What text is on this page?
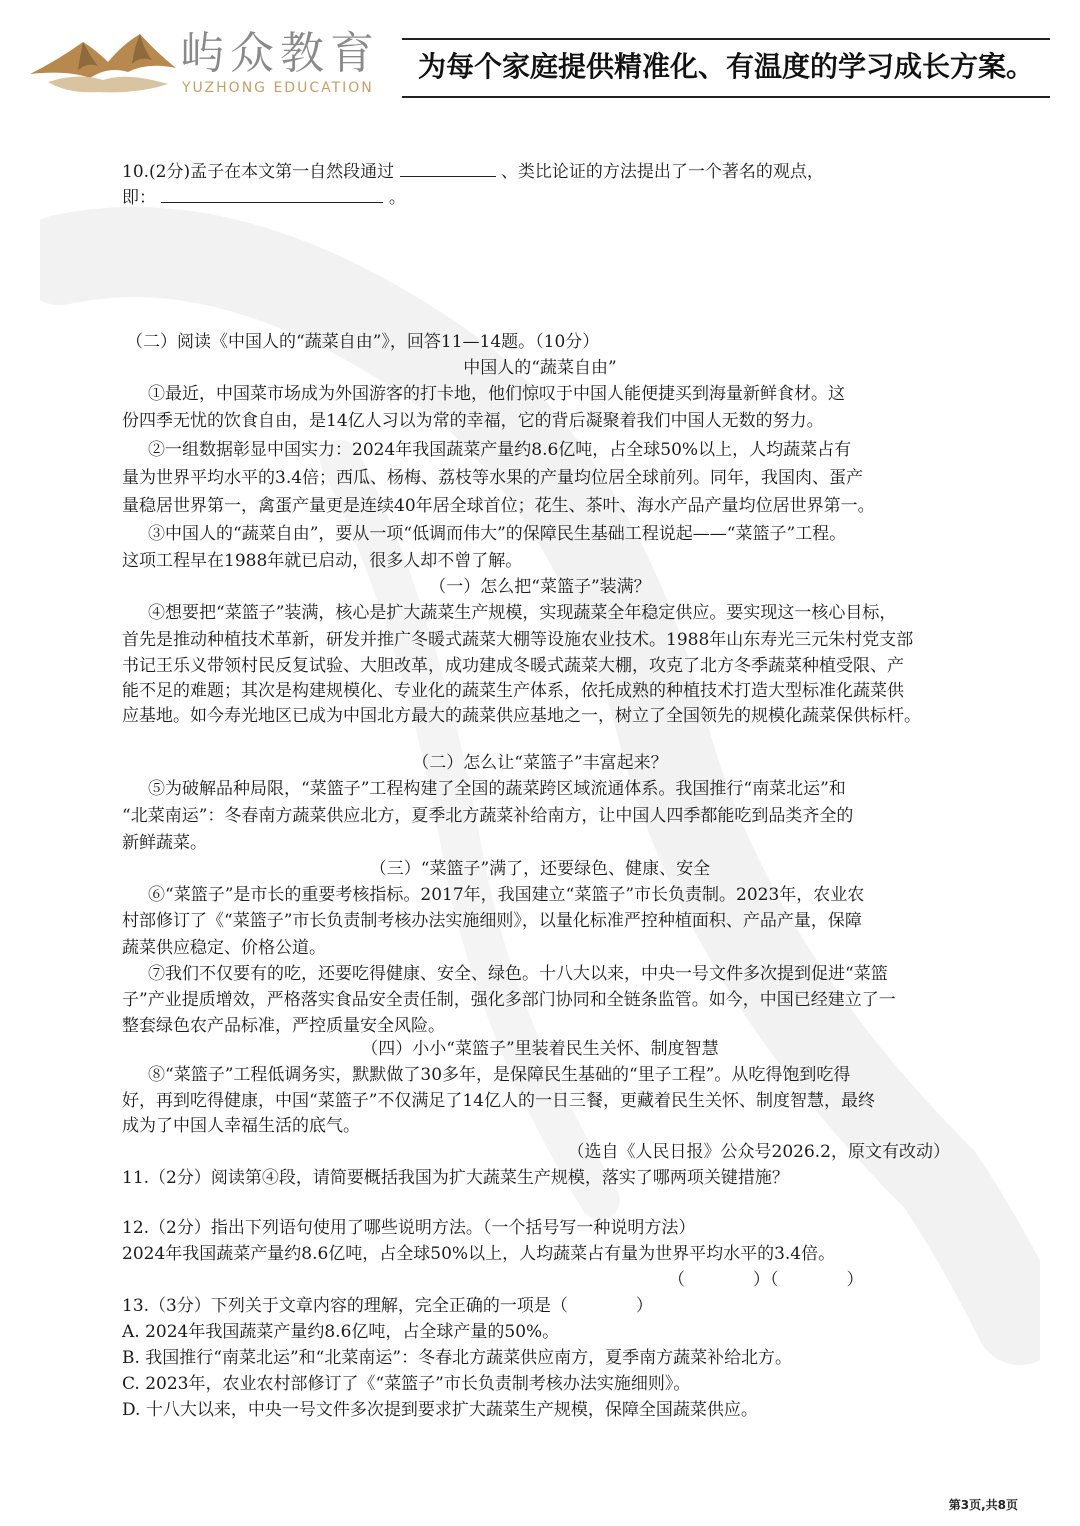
屿众教育
YUZHONG EDUCATION
为每个家庭提供精准化、有温度的学习成长方案。
10.(2分)孟子在本文第一自然段通过	、类比论证的方法提出了一个著名的观点，
即：	。
（二）阅读《中国人的“蔬菜自由”》，回答11—14题。（10分）
中国人的“蔬菜自由”
①最近，中国菜市场成为外国游客的打卡地，他们惊叹于中国人能便捷买到海量新鲜食材。这
份四季无忧的饮食自由，是14亿人习以为常的幸福，它的背后凝聚着我们中国人无数的努力。
②一组数据彰显中国实力：2024年我国蔬菜产量约8.6亿吨，占全球50%以上，人均蔬菜占有
量为世界平均水平的3.4倍；西瓜、杨梅、荔枝等水果的产量均位居全球前列。同年，我国肉、蛋产
量稳居世界第一，禽蛋产量更是连续40年居全球首位；花生、茶叶、海水产品产量均位居世界第一。
③中国人的“蔬菜自由”，要从一项“低调而伟大”的保障民生基础工程说起——“菜篮子”工程。
这项工程早在1988年就已启动，很多人却不曾了解。
（一）怎么把“菜篮子”装满？
④想要把“菜篮子”装满，核心是扩大蔬菜生产规模，实现蔬菜全年稳定供应。要实现这一核心目标，
首先是推动种植技术革新，研发并推广冬暖式蔬菜大棚等设施农业技术。1988年山东寿光三元朱村党支部
书记王乐义带领村民反复试验、大胆改革，成功建成冬暖式蔬菜大棚，攻克了北方冬季蔬菜种植受限、产
能不足的难题；其次是构建规模化、专业化的蔬菜生产体系，依托成熟的种植技术打造大型标准化蔬菜供
应基地。如今寿光地区已成为中国北方最大的蔬菜供应基地之一，树立了全国领先的规模化蔬菜保供标杆。
（二）怎么让“菜篮子”丰富起来？
⑤为破解品种局限，“菜篮子”工程构建了全国的蔬菜跨区域流通体系。我国推行“南菜北运”和
“北菜南运”：冬春南方蔬菜供应北方，夏季北方蔬菜补给南方，让中国人四季都能吃到品类齐全的
新鲜蔬菜。
（三）“菜篮子”满了，还要绿色、健康、安全
⑥“菜篮子”是市长的重要考核指标。2017年，我国建立“菜篮子”市长负责制。2023年，农业农
村部修订了《“菜篮子”市长负责制考核办法实施细则》，以量化标准严控种植面积、产品产量，保障
蔬菜供应稳定、价格公道。
⑦我们不仅要有的吃，还要吃得健康、安全、绿色。十八大以来，中央一号文件多次提到促进“菜篮
子”产业提质增效，严格落实食品安全责任制，强化多部门协同和全链条监管。如今，中国已经建立了一
整套绿色农产品标准，严控质量安全风险。
（四）小小“菜篮子”里装着民生关怀、制度智慧
⑧“菜篮子”工程低调务实，默默做了30多年，是保障民生基础的“里子工程”。从吃得饱到吃得
好，再到吃得健康，中国“菜篮子”不仅满足了14亿人的一日三餐，更藏着民生关怀、制度智慧，最终
成为了中国人幸福生活的底气。
（选自《人民日报》公众号2026.2，原文有改动）
11.（2分）阅读第④段，请简要概括我国为扩大蔬菜生产规模，落实了哪两项关键措施？
12.（2分）指出下列语句使用了哪些说明方法。（一个括号写一种说明方法）
2024年我国蔬菜产量约8.6亿吨，占全球50%以上，人均蔬菜占有量为世界平均水平的3.4倍。
（　　　　）（　　　　）
13.（3分）下列关于文章内容的理解，完全正确的一项是（　　　　）
A. 2024年我国蔬菜产量约8.6亿吨，占全球产量的50%。
B. 我国推行“南菜北运”和“北菜南运”：冬春北方蔬菜供应南方，夏季南方蔬菜补给北方。
C. 2023年，农业农村部修订了《“菜篮子”市长负责制考核办法实施细则》。
D. 十八大以来，中央一号文件多次提到要求扩大蔬菜生产规模，保障全国蔬菜供应。
第3页,共8页
